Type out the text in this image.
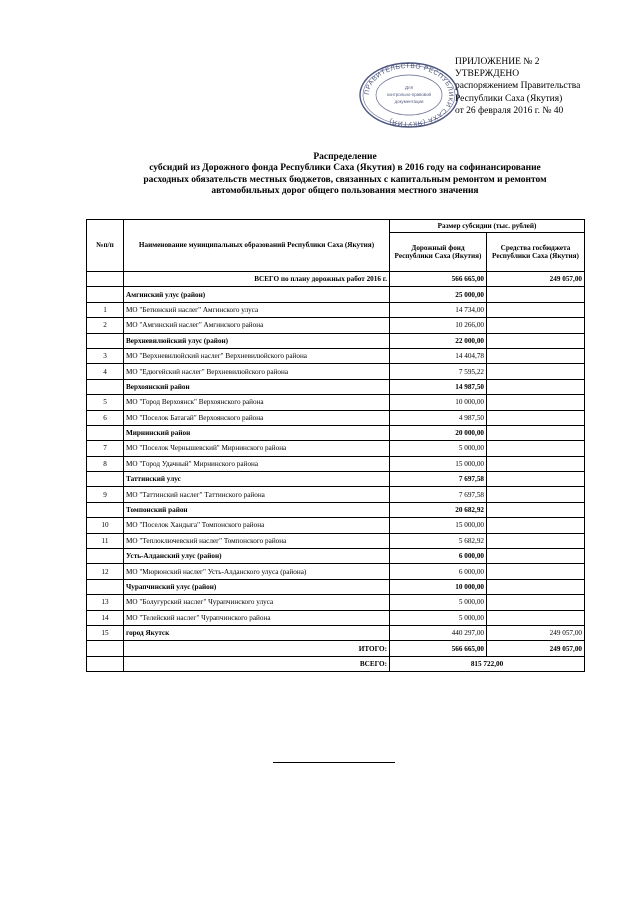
ПРИЛОЖЕНИЕ № 2
УТВЕРЖДЕНО
распоряжением Правительства
Республики Саха (Якутия)
от 26 февраля 2016 г. № 40
ПРАВИТЕЛЬСТВО РЕСПУБЛИКИ САХА (ЯКУТИЯ)
Для
контрольно-правовой
документации
Распределение
субсидий из Дорожного фонда Республики Саха (Якутия) в 2016 году на софинансирование
расходных обязательств местных бюджетов, связанных с капитальным ремонтом и ремонтом
автомобильных дорог общего пользования местного значения
№п/п	Наименование муниципальных образований Республики Саха (Якутия)	Размер субсидии (тыс. рублей)	
		Дорожный фонд Республики Саха (Якутия)	Средства госбюджета Республики Саха (Якутия)
	ВСЕГО по плану дорожных работ 2016 г.	566 665,00	249 057,00
	Амгинский улус (район)	25 000,00	
1	МО "Бетюнский наслег" Амгинского улуса	14 734,00	
2	МО "Амгинский наслег" Амгинского района	10 266,00	
	Верхневилюйский улус (район)	22 000,00	
3	МО "Верхневилюйский наслег" Верхневилюйского района	14 404,78	
4	МО "Едюгейский наслег" Верхневилюйского района	7 595,22	
	Верхоянский район	14 987,50	
5	МО "Город Верхоянск" Верхоянского района	10 000,00	
6	МО "Поселок Батагай" Верхоянского района	4 987,50	
	Мирнинский район	20 000,00	
7	МО "Поселок Чернышевский" Мирнинского района	5 000,00	
8	МО "Город Удачный" Мирнинского района	15 000,00	
	Таттинский улус	7 697,58	
9	МО "Таттинский наслег" Таттинского района	7 697,58	
	Томпонский район	20 682,92	
10	МО "Поселок Хандыга" Томпонского района	15 000,00	
11	МО "Теплоключевский наслег" Томпонского района	5 682,92	
	Усть-Алданский улус (район)	6 000,00	
12	МО "Мюрюнский наслег" Усть-Алданского улуса (района)	6 000,00	
	Чурапчинский улус (район)	10 000,00	
13	МО "Болугурский наслег" Чурапчинского улуса	5 000,00	
14	МО "Телейский наслег" Чурапчинского района	5 000,00	
15	город Якутск	440 297,00	249 057,00
	ИТОГО:	566 665,00	249 057,00
	ВСЕГО:	815 722,00	
